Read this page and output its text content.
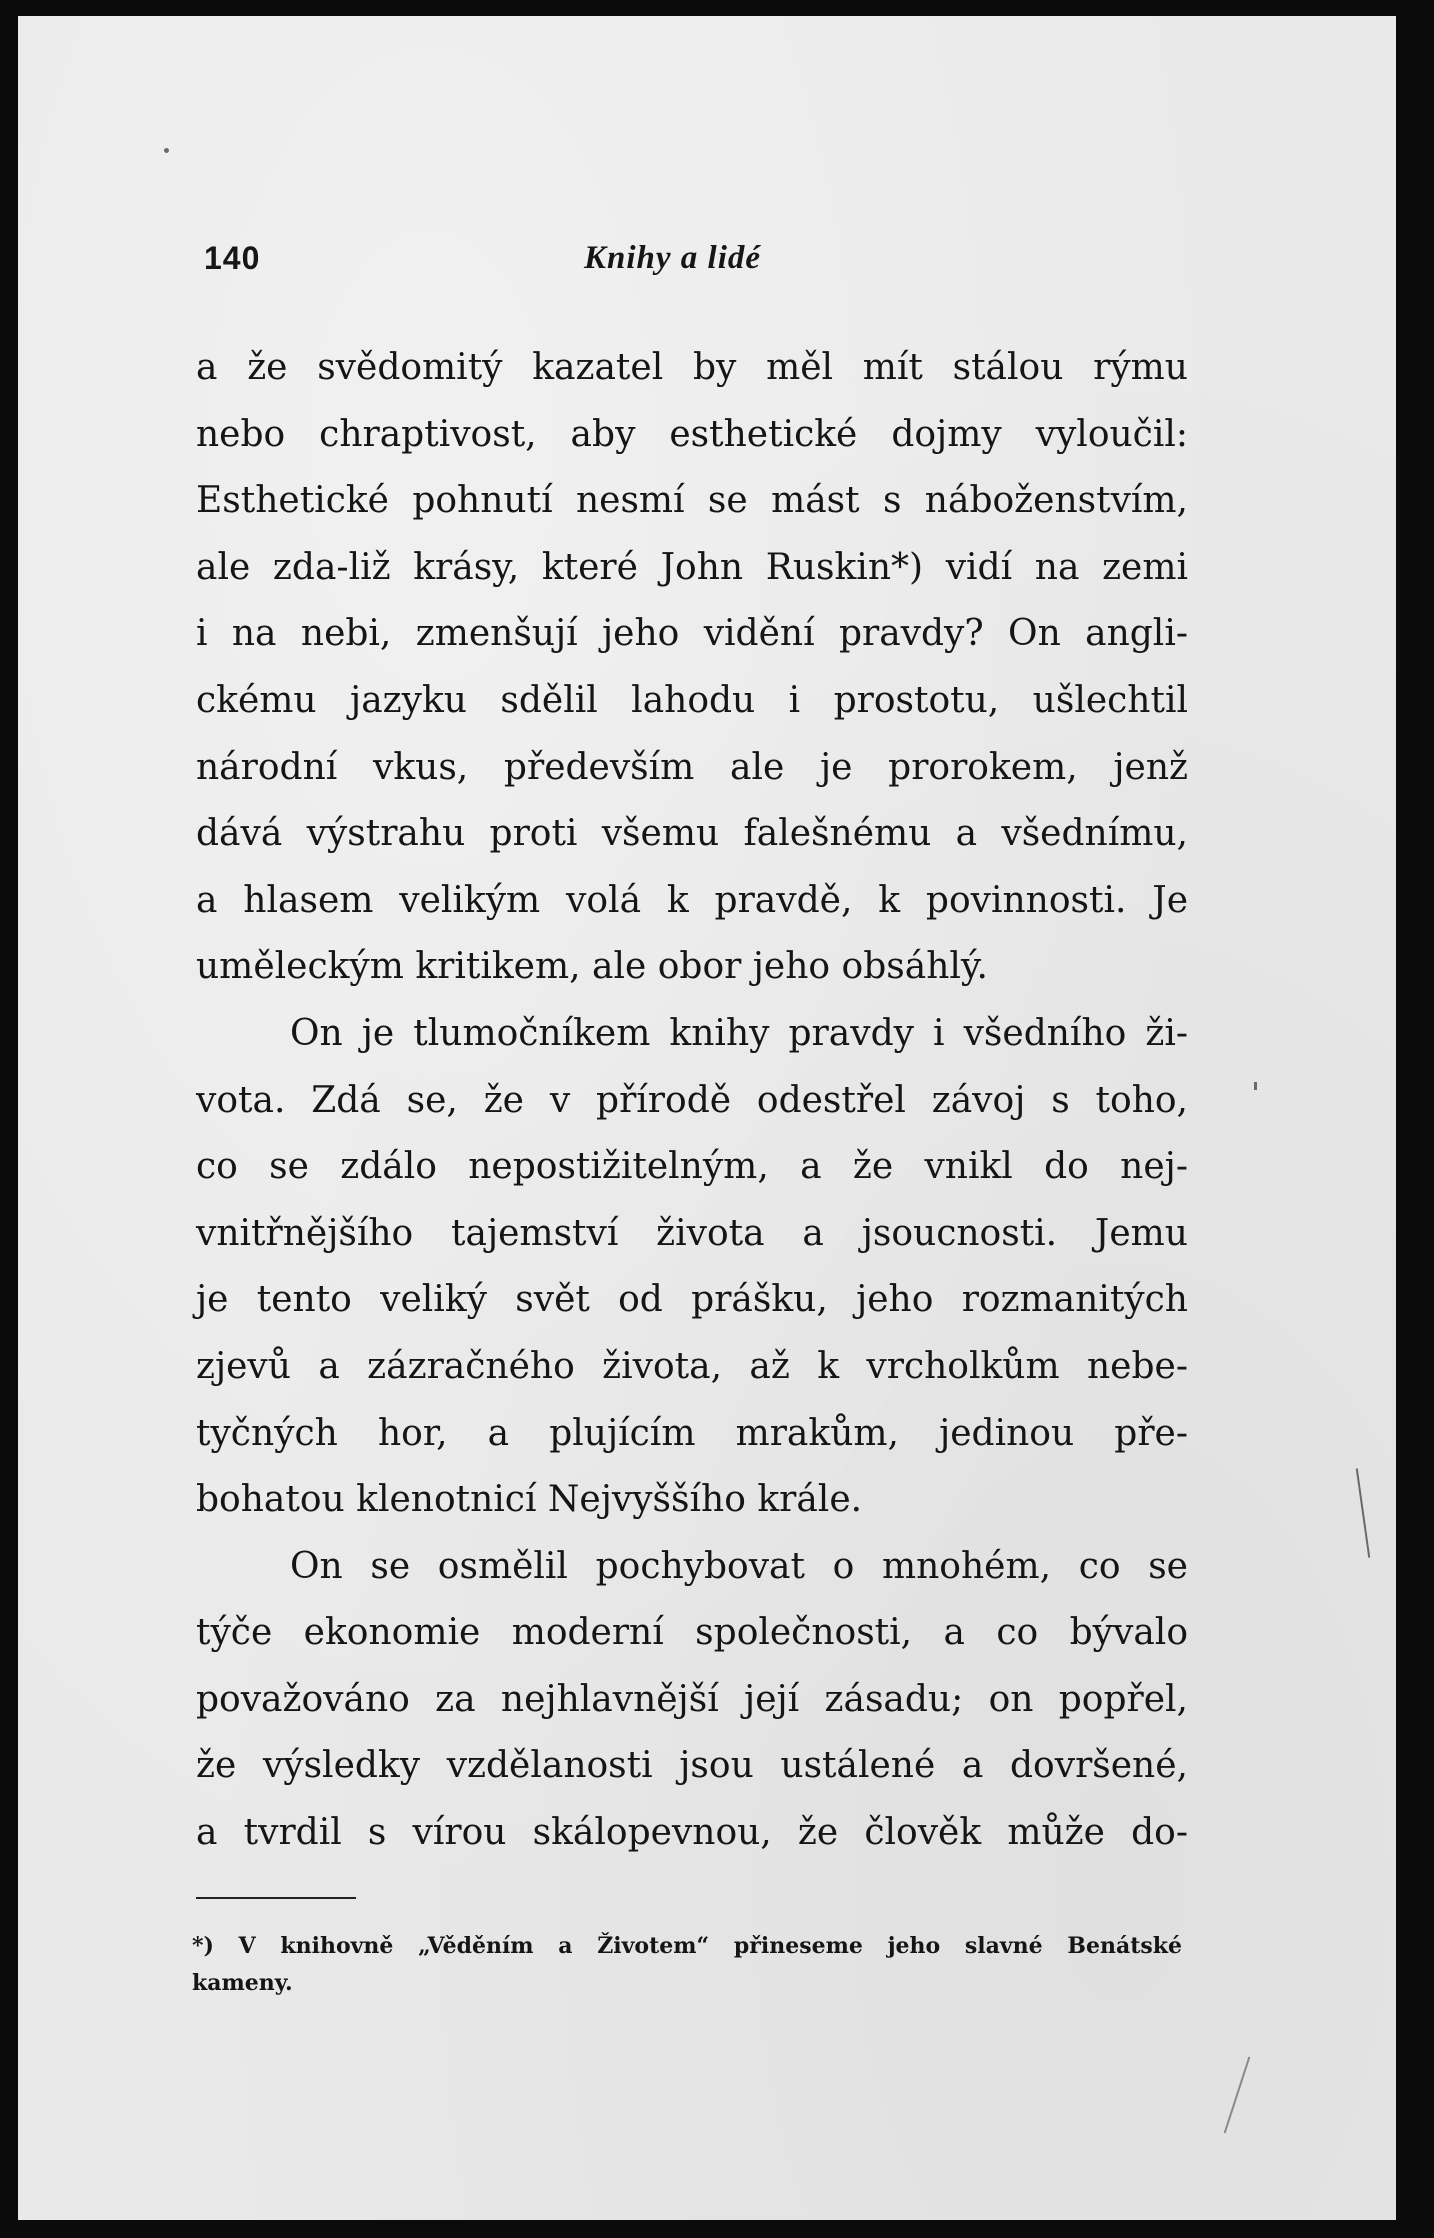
140	Knihy a lidé
a že svědomitý kazatel by měl mít stálou rýmu
nebo chraptivost, aby esthetické dojmy vyloučil:
Esthetické pohnutí nesmí se mást s náboženstvím,
ale zda-liž krásy, které John Ruskin*) vidí na zemi
i na nebi, zmenšují jeho vidění pravdy? On angli-
ckému jazyku sdělil lahodu i prostotu, ušlechtil
národní vkus, především ale je prorokem, jenž
dává výstrahu proti všemu falešnému a všednímu,
a hlasem velikým volá k pravdě, k povinnosti. Je
uměleckým kritikem, ale obor jeho obsáhlý.
On je tlumočníkem knihy pravdy i všedního ži-
vota. Zdá se, že v přírodě odestřel závoj s toho,
co se zdálo nepostižitelným, a že vnikl do nej-
vnitřnějšího tajemství života a jsoucnosti. Jemu
je tento veliký svět od prášku, jeho rozmanitých
zjevů a zázračného života, až k vrcholkům nebe-
tyčných hor, a plujícím mrakům, jedinou pře-
bohatou klenotnicí Nejvyššího krále.
On se osmělil pochybovat o mnohém, co se
týče ekonomie moderní společnosti, a co bývalo
považováno za nejhlavnější její zásadu; on popřel,
že výsledky vzdělanosti jsou ustálené a dovršené,
a tvrdil s vírou skálopevnou, že člověk může do-
*) V knihovně „Věděním a Životem“ přineseme jeho slavné Benátské
kameny.
